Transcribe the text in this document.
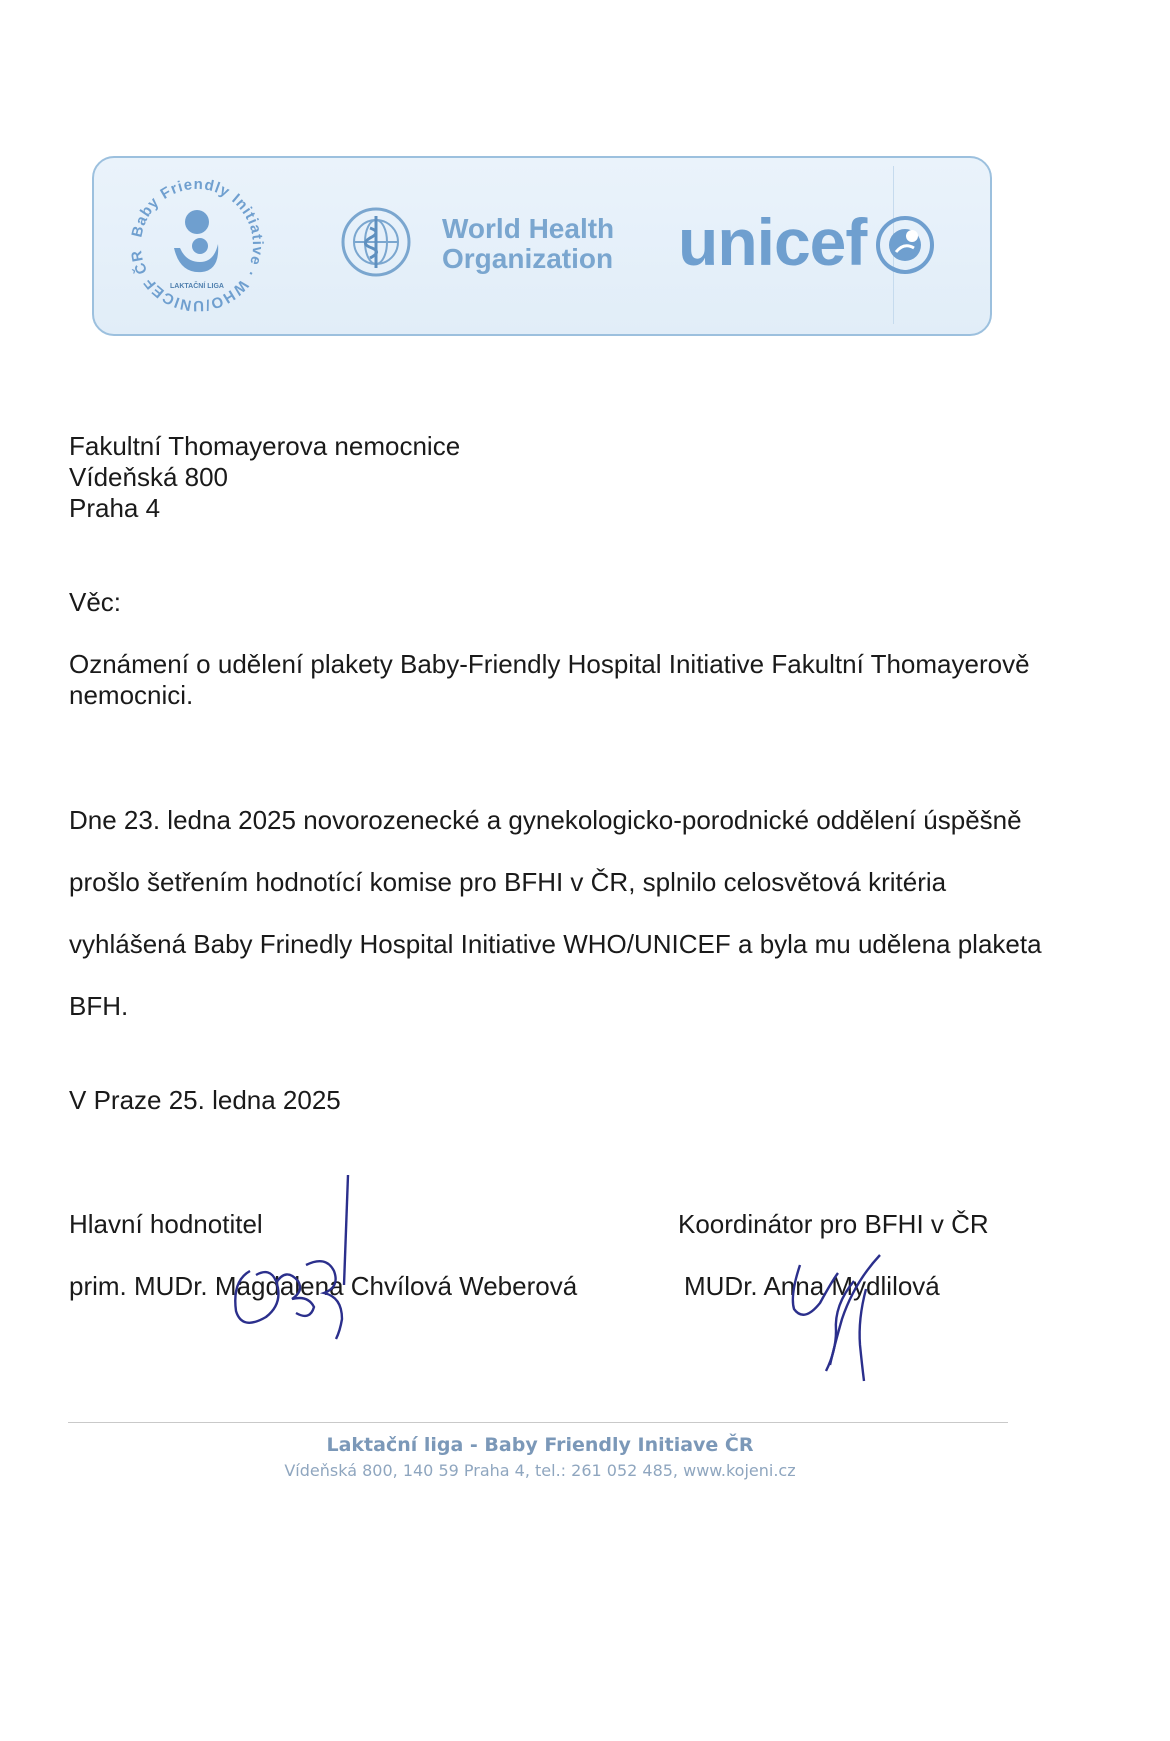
Baby Friendly Initiative · WHO/UNICEF ČR
LAKTAČNÍ LIGA
World Health
Organization unicef

Fakultní Thomayerova nemocnice

Vídeňská 800

Praha 4

Věc:

Oznámení o udělení plakety Baby-Friendly Hospital Initiative Fakultní Thomayerově nemocnici.

Dne 23. ledna 2025 novorozenecké a gynekologicko-porodnické oddělení úspěšně

prošlo šetřením hodnotící komise pro BFHI v ČR, splnilo celosvětová kritéria

vyhlášená Baby Frinedly Hospital Initiative WHO/UNICEF a byla mu udělena plaketa

BFH.

V Praze 25. ledna 2025

Hlavní hodnotitel

prim. MUDr. Magdalena Chvílová Weberová

Koordinátor pro BFHI v ČR

MUDr. Anna Mydlilová

Laktační liga - Baby Friendly Initiave ČR
Vídeňská 800, 140 59 Praha 4, tel.: 261 052 485, www.kojeni.cz
